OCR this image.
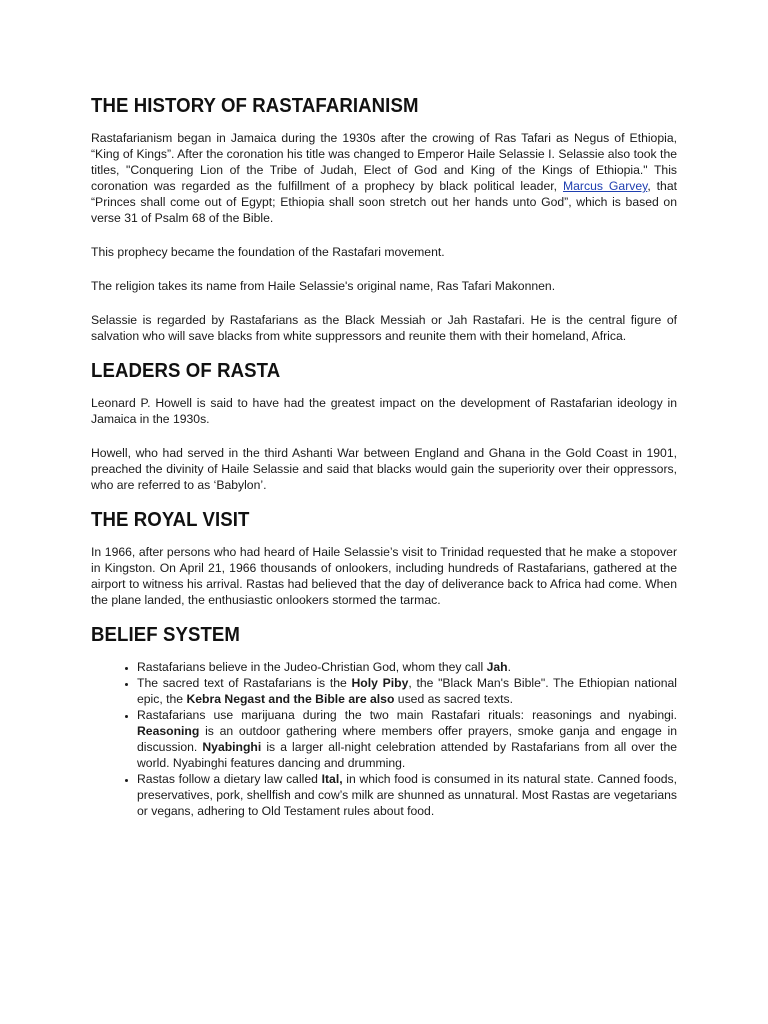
THE HISTORY OF RASTAFARIANISM

Rastafarianism began in Jamaica during the 1930s after the crowing of Ras Tafari as Negus of Ethiopia, “King of Kings”. After the coronation his title was changed to Emperor Haile Selassie I. Selassie also took the titles, "Conquering Lion of the Tribe of Judah, Elect of God and King of the Kings of Ethiopia." This coronation was regarded as the fulfillment of a prophecy by black political leader, Marcus Garvey, that “Princes shall come out of Egypt; Ethiopia shall soon stretch out her hands unto God”, which is based on verse 31 of Psalm 68 of the Bible.

This prophecy became the foundation of the Rastafari movement.

The religion takes its name from Haile Selassie's original name, Ras Tafari Makonnen.

Selassie is regarded by Rastafarians as the Black Messiah or Jah Rastafari. He is the central figure of salvation who will save blacks from white suppressors and reunite them with their homeland, Africa.

LEADERS OF RASTA

Leonard P. Howell is said to have had the greatest impact on the development of Rastafarian ideology in Jamaica in the 1930s.

Howell, who had served in the third Ashanti War between England and Ghana in the Gold Coast in 1901, preached the divinity of Haile Selassie and said that blacks would gain the superiority over their oppressors, who are referred to as ‘Babylon’.

THE ROYAL VISIT

In 1966, after persons who had heard of Haile Selassie’s visit to Trinidad requested that he make a stopover in Kingston. On April 21, 1966 thousands of onlookers, including hundreds of Rastafarians, gathered at the airport to witness his arrival. Rastas had believed that the day of deliverance back to Africa had come. When the plane landed, the enthusiastic onlookers stormed the tarmac.

BELIEF SYSTEM
• Rastafarians believe in the Judeo-Christian God, whom they call Jah.
• The sacred text of Rastafarians is the Holy Piby, the "Black Man's Bible". The Ethiopian national epic, the Kebra Negast and the Bible are also used as sacred texts.
• Rastafarians use marijuana during the two main Rastafari rituals: reasonings and nyabingi. Reasoning is an outdoor gathering where members offer prayers, smoke ganja and engage in discussion. Nyabinghi is a larger all-night celebration attended by Rastafarians from all over the world. Nyabinghi features dancing and drumming.
• Rastas follow a dietary law called Ital, in which food is consumed in its natural state. Canned foods, preservatives, pork, shellfish and cow’s milk are shunned as unnatural. Most Rastas are vegetarians or vegans, adhering to Old Testament rules about food.
